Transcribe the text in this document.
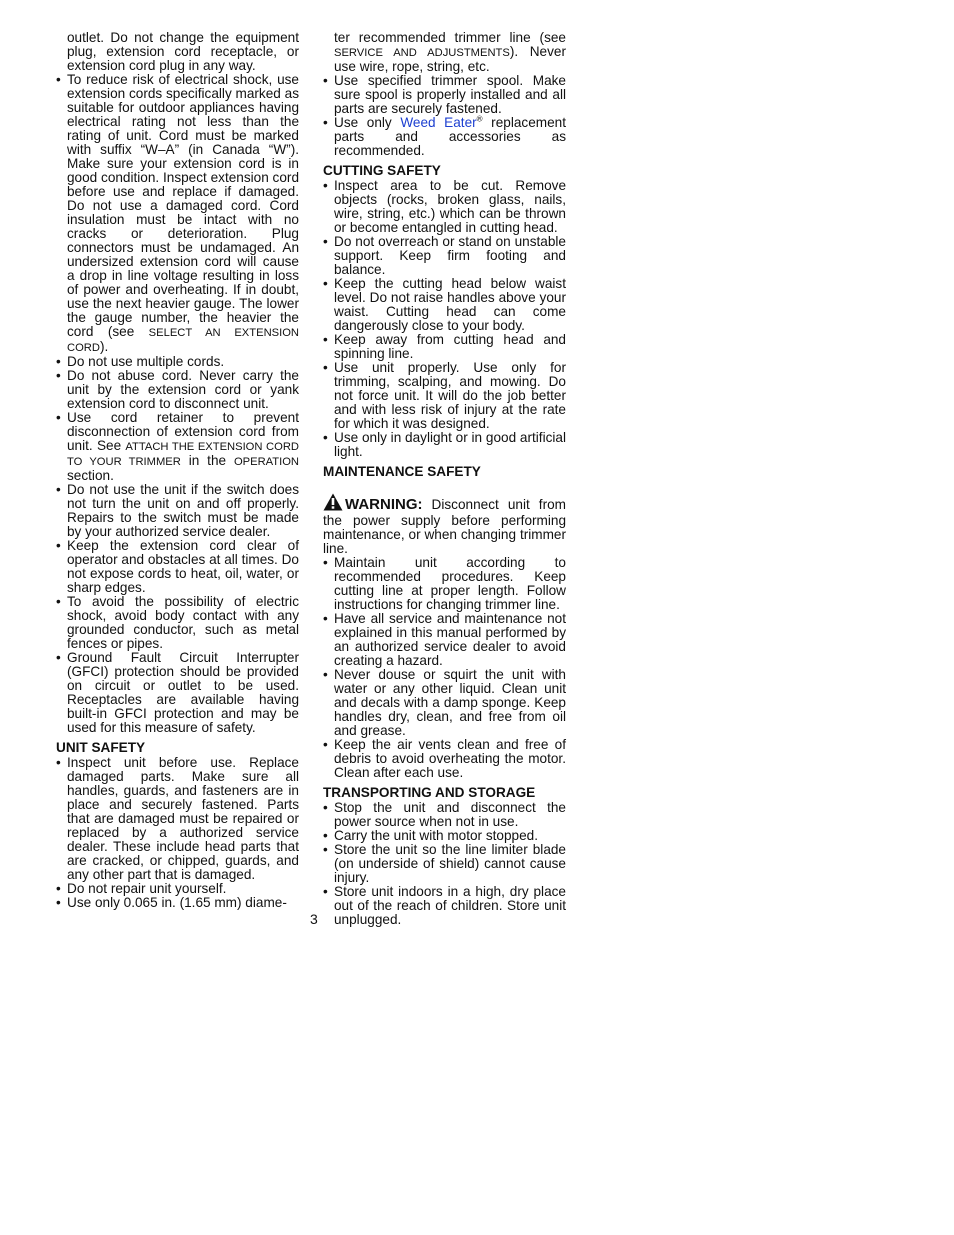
outlet. Do not change the equipment plug, extension cord receptacle, or extension cord plug in any way.

• To reduce risk of electrical shock, use extension cords specifically marked as suitable for outdoor appliances having electrical rating not less than the rating of unit. Cord must be marked with suffix “W–A” (in Canada “W”). Make sure your extension cord is in good condition. Inspect extension cord before use and replace if damaged. Do not use a damaged cord. Cord insulation must be intact with no cracks or deterioration. Plug connectors must be undamaged. An undersized extension cord will cause a drop in line voltage resulting in loss of power and overheating. If in doubt, use the next heavier gauge. The lower the gauge number, the heavier the cord (see SELECT AN EXTENSION CORD).
• Do not use multiple cords.
• Do not abuse cord. Never carry the unit by the extension cord or yank extension cord to disconnect unit.
• Use cord retainer to prevent disconnection of extension cord from unit. See ATTACH THE EXTENSION CORD TO YOUR TRIMMER in the OPERATION section.
• Do not use the unit if the switch does not turn the unit on and off properly. Repairs to the switch must be made by your authorized service dealer.
• Keep the extension cord clear of operator and obstacles at all times. Do not expose cords to heat, oil, water, or sharp edges.
• To avoid the possibility of electric shock, avoid body contact with any grounded conductor, such as metal fences or pipes.
• Ground Fault Circuit Interrupter (GFCI) protection should be provided on circuit or outlet to be used. Receptacles are available having built-in GFCI protection and may be used for this measure of safety.
UNIT SAFETY
• Inspect unit before use. Replace damaged parts. Make sure all handles, guards, and fasteners are in place and securely fastened. Parts that are damaged must be repaired or replaced by a authorized service dealer. These include head parts that are cracked, or chipped, guards, and any other part that is damaged.
• Do not repair unit yourself.
• Use only 0.065 in. (1.65 mm) diame-

ter recommended trimmer line (see SERVICE AND ADJUSTMENTS). Never use wire, rope, string, etc.

• Use specified trimmer spool. Make sure spool is properly installed and all parts are securely fastened.
• Use only Weed Eater® replacement parts and accessories as recommended.
CUTTING SAFETY
• Inspect area to be cut. Remove objects (rocks, broken glass, nails, wire, string, etc.) which can be thrown or become entangled in cutting head.
• Do not overreach or stand on unstable support. Keep firm footing and balance.
• Keep the cutting head below waist level. Do not raise handles above your waist. Cutting head can come dangerously close to your body.
• Keep away from cutting head and spinning line.
• Use unit properly. Use only for trimming, scalping, and mowing. Do not force unit. It will do the job better and with less risk of injury at the rate for which it was designed.
• Use only in daylight or in good artificial light.
MAINTENANCE SAFETY

WARNING: Disconnect unit from the power supply before performing maintenance, or when changing trimmer line.

• Maintain unit according to recommended procedures. Keep cutting line at proper length. Follow instructions for changing trimmer line.
• Have all service and maintenance not explained in this manual performed by an authorized service dealer to avoid creating a hazard.
• Never douse or squirt the unit with water or any other liquid. Clean unit and decals with a damp sponge. Keep handles dry, clean, and free from oil and grease.
• Keep the air vents clean and free of debris to avoid overheating the motor. Clean after each use.
TRANSPORTING AND STORAGE
• Stop the unit and disconnect the power source when not in use.
• Carry the unit with motor stopped.
• Store the unit so the line limiter blade (on underside of shield) cannot cause injury.
• Store unit indoors in a high, dry place out of the reach of children. Store unit unplugged.
3
